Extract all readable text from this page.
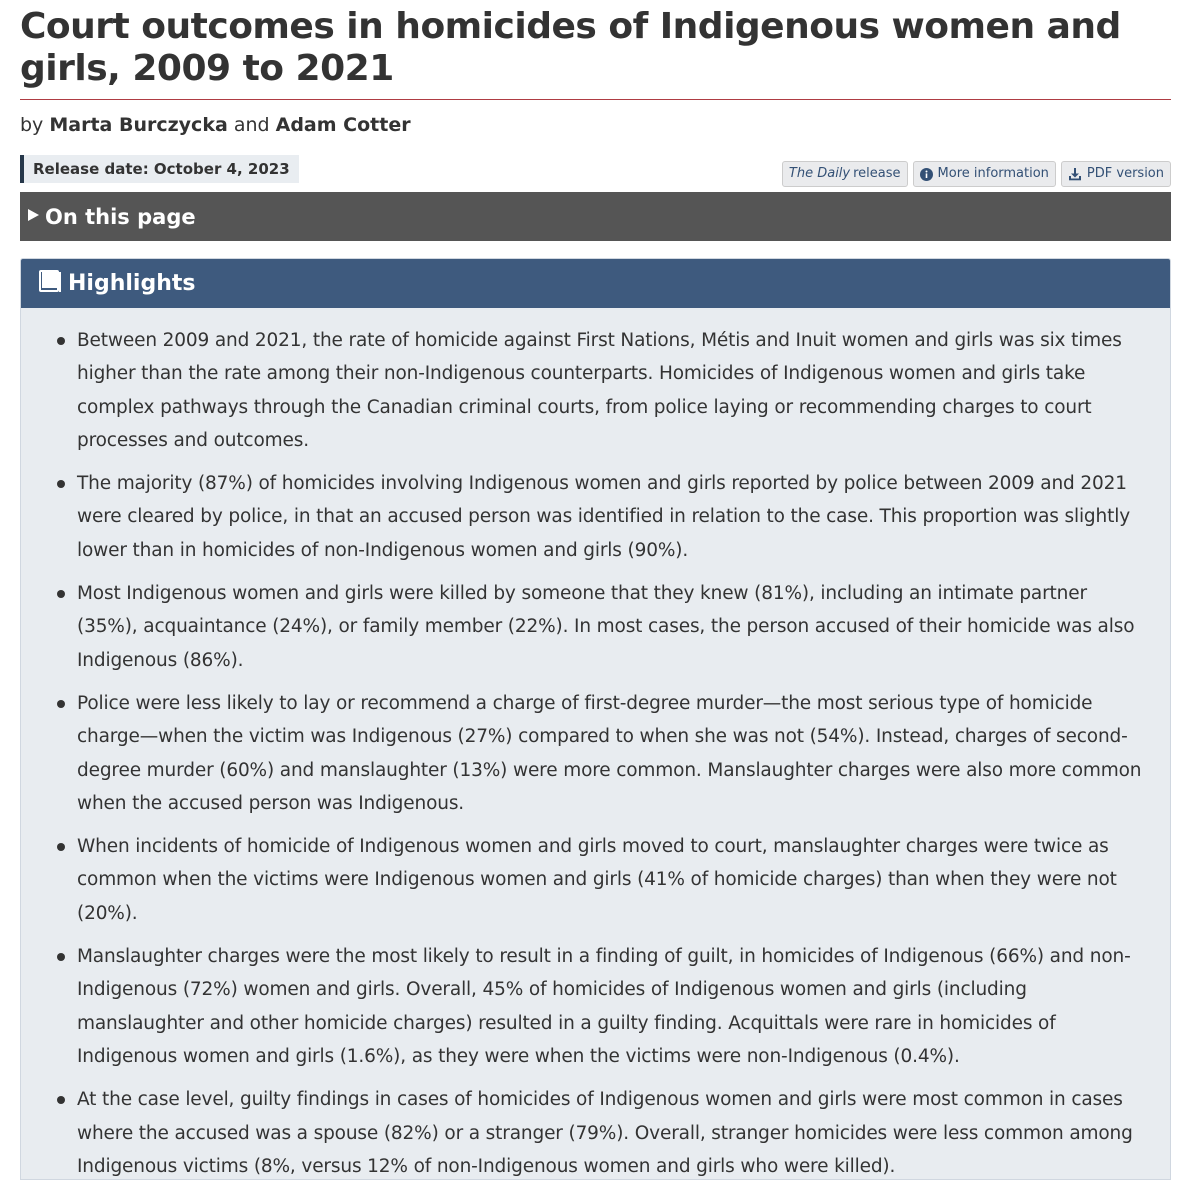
Court outcomes in homicides of Indigenous women and girls, 2009 to 2021
by Marta Burczycka and Adam Cotter
Release date: October 4, 2023	The Daily release	More information	PDF version
On this page
Highlights
Between 2009 and 2021, the rate of homicide against First Nations, Métis and Inuit women and girls was six times higher than the rate among their non-Indigenous counterparts. Homicides of Indigenous women and girls take complex pathways through the Canadian criminal courts, from police laying or recommending charges to court processes and outcomes.
The majority (87%) of homicides involving Indigenous women and girls reported by police between 2009 and 2021 were cleared by police, in that an accused person was identified in relation to the case. This proportion was slightly lower than in homicides of non-Indigenous women and girls (90%).
Most Indigenous women and girls were killed by someone that they knew (81%), including an intimate partner (35%), acquaintance (24%), or family member (22%). In most cases, the person accused of their homicide was also Indigenous (86%).
Police were less likely to lay or recommend a charge of first-degree murder—the most serious type of homicide charge—when the victim was Indigenous (27%) compared to when she was not (54%). Instead, charges of second-degree murder (60%) and manslaughter (13%) were more common. Manslaughter charges were also more common when the accused person was Indigenous.
When incidents of homicide of Indigenous women and girls moved to court, manslaughter charges were twice as common when the victims were Indigenous women and girls (41% of homicide charges) than when they were not (20%).
Manslaughter charges were the most likely to result in a finding of guilt, in homicides of Indigenous (66%) and non-Indigenous (72%) women and girls. Overall, 45% of homicides of Indigenous women and girls (including manslaughter and other homicide charges) resulted in a guilty finding. Acquittals were rare in homicides of Indigenous women and girls (1.6%), as they were when the victims were non-Indigenous (0.4%).
At the case level, guilty findings in cases of homicides of Indigenous women and girls were most common in cases where the accused was a spouse (82%) or a stranger (79%). Overall, stranger homicides were less common among Indigenous victims (8%, versus 12% of non-Indigenous women and girls who were killed).
